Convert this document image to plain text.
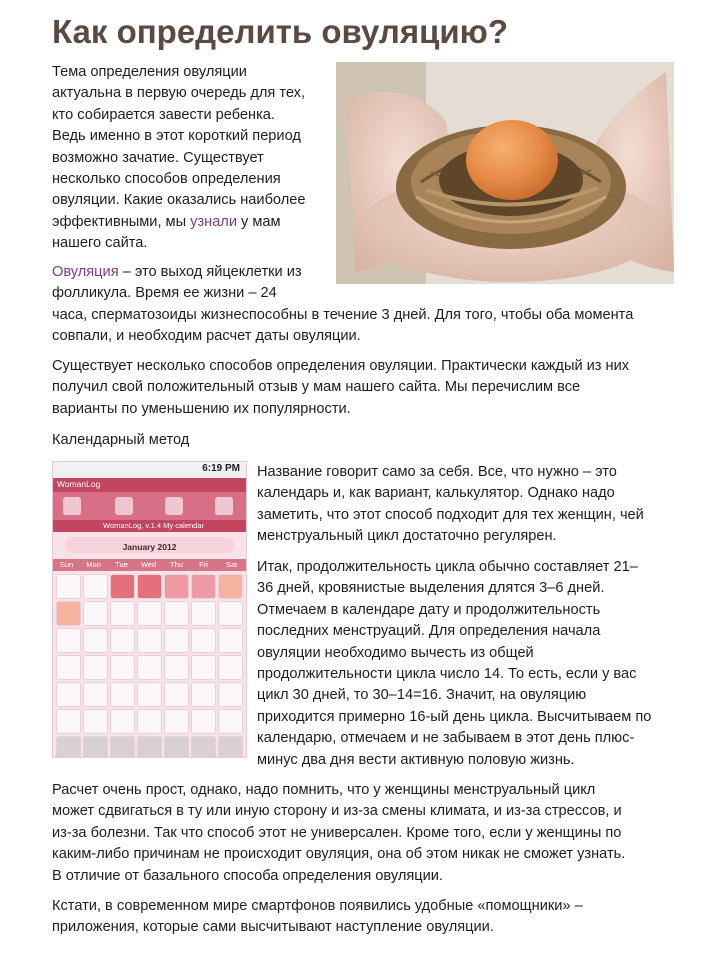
Как определить овуляцию?

Тема определения овуляции

актуальна в первую очередь для тех,

кто собирается завести ребенка.

Ведь именно в этот короткий период

возможно зачатие. Существует

несколько способов определения

овуляции. Какие оказались наиболее

эффективными, мы узнали у мам

нашего сайта.

Овуляция – это выход яйцеклетки из

фолликула. Время ее жизни – 24

часа, сперматозоиды жизнеспособны в течение 3 дней. Для того, чтобы оба момента

совпали, и необходим расчет даты овуляции.

Существует несколько способов определения овуляции. Практически каждый из них

получил свой положительный отзыв у мам нашего сайта. Мы перечислим все

варианты по уменьшению их популярности.

Календарный метод
6:19 PM
WomanLog
WomanLog, v.1.4 My calendar
January 2012
Sun	Mon	Tue	Wed	Thu	Fri	Sat

Название говорит само за себя. Все, что нужно – это

календарь и, как вариант, калькулятор. Однако надо

заметить, что этот способ подходит для тех женщин, чей

менструальный цикл достаточно регулярен.

Итак, продолжительность цикла обычно составляет 21–

36 дней, кровянистые выделения длятся 3–6 дней.

Отмечаем в календаре дату и продолжительность

последних менструаций. Для определения начала

овуляции необходимо вычесть из общей

продолжительности цикла число 14. То есть, если у вас

цикл 30 дней, то 30–14=16. Значит, на овуляцию

приходится примерно 16-ый день цикла. Высчитываем по

календарю, отмечаем и не забываем в этот день плюс-

минус два дня вести активную половую жизнь.

Расчет очень прост, однако, надо помнить, что у женщины менструальный цикл

может сдвигаться в ту или иную сторону и из-за смены климата, и из-за стрессов, и

из-за болезни. Так что способ этот не универсален. Кроме того, если у женщины по

каким-либо причинам не происходит овуляция, она об этом никак не сможет узнать.

В отличие от базального способа определения овуляции.

Кстати, в современном мире смартфонов появились удобные «помощники» –

приложения, которые сами высчитывают наступление овуляции.
